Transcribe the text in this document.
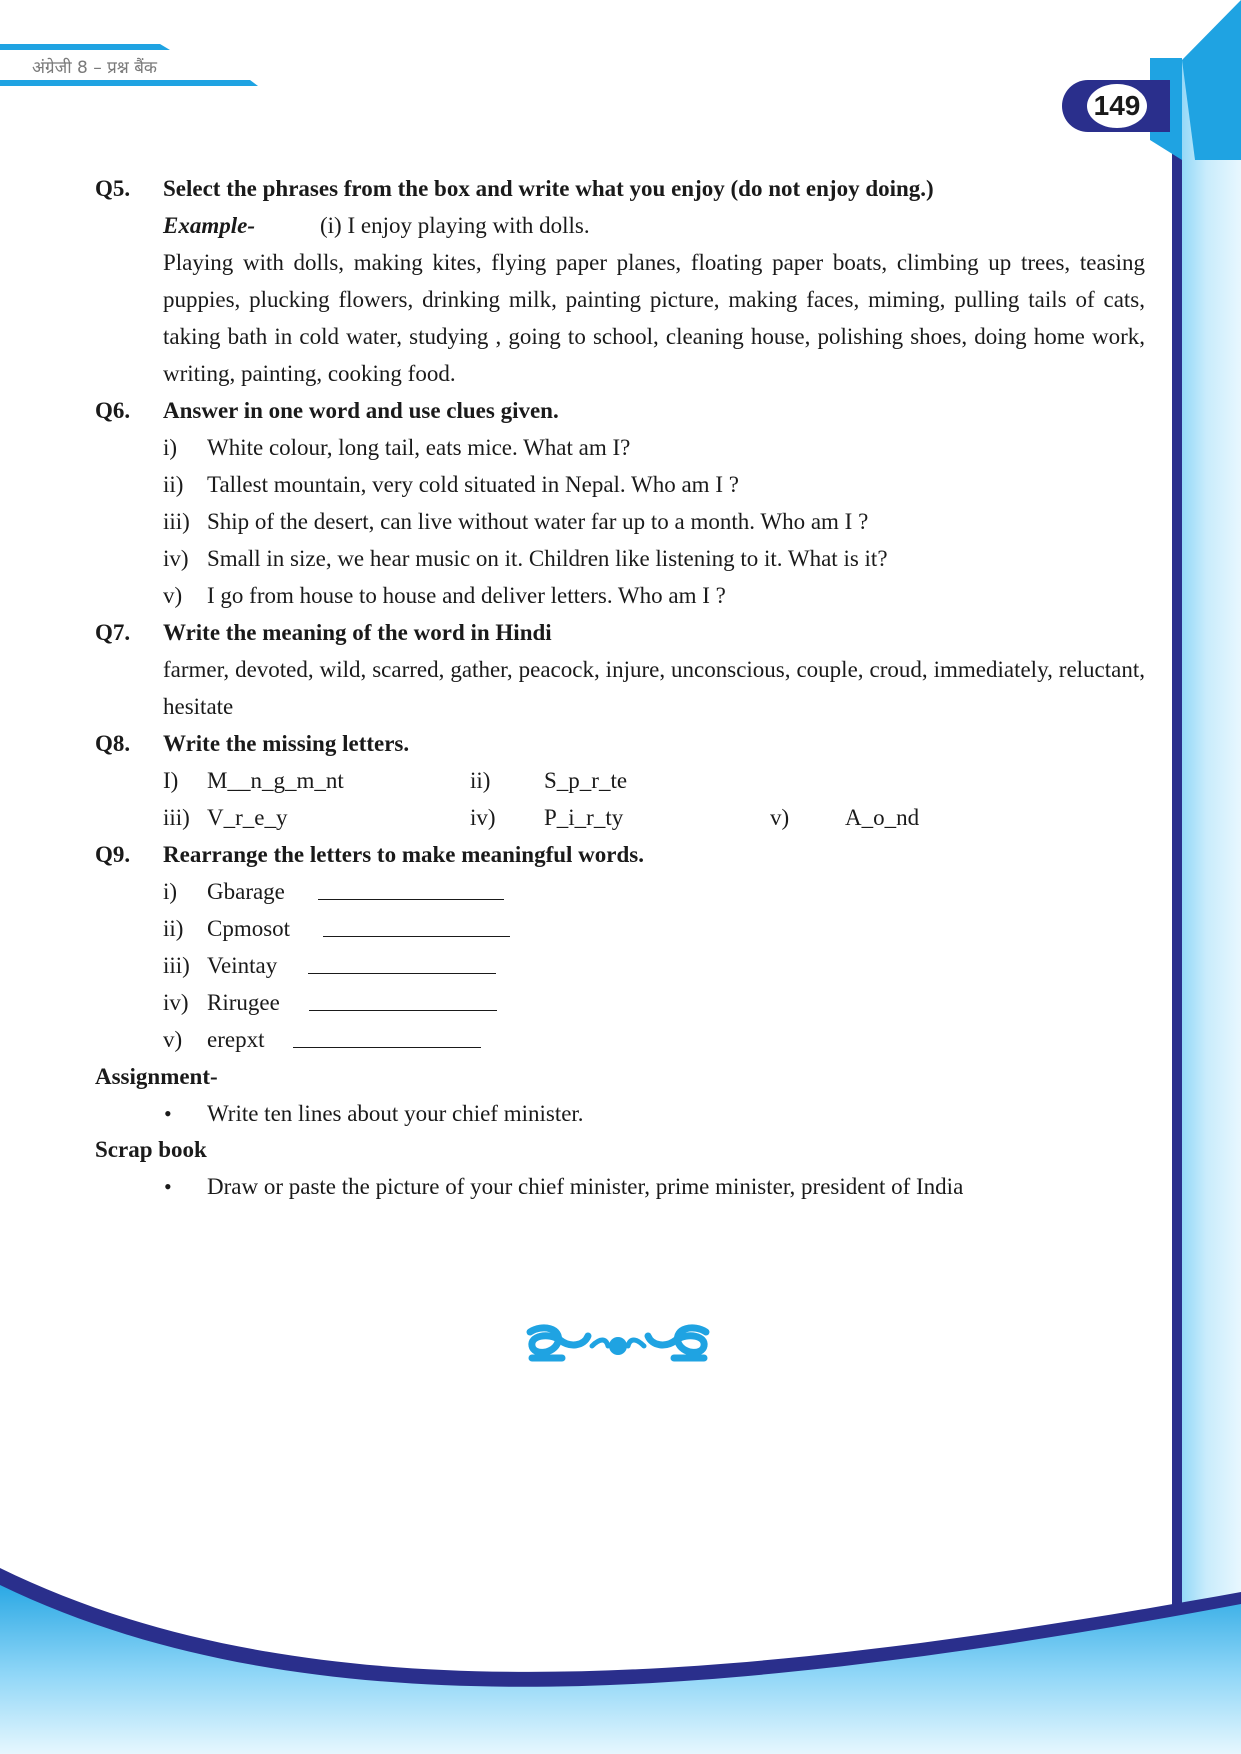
अंग्रेजी 8 – प्रश्न बैंक
149
Q5. Select the phrases from the box and write what you enjoy (do not enjoy doing.)
Example-	(i) I enjoy playing with dolls.
Playing with dolls, making kites, flying paper planes, floating paper boats, climbing up trees, teasing puppies, plucking flowers, drinking milk, painting picture, making faces, miming, pulling tails of cats, taking bath in cold water, studying , going to school, cleaning house, polishing shoes, doing home work, writing, painting, cooking food.
Q6. Answer in one word and use clues given.
i) White colour, long tail, eats mice. What am I?
ii) Tallest mountain, very cold situated in Nepal. Who am I ?
iii) Ship of the desert, can live without water far up to a month. Who am I ?
iv) Small in size, we hear music on it. Children like listening to it. What is it?
v) I go from house to house and deliver letters. Who am I ?
Q7. Write the meaning of the word in Hindi
farmer, devoted, wild, scarred, gather, peacock, injure, unconscious, couple, croud, immediately, reluctant, hesitate
Q8. Write the missing letters.
I) M__n_g_m_nt	ii) S_p_r_te
iii) V_r_e_y	iv) P_i_r_ty	v) A_o_nd
Q9. Rearrange the letters to make meaningful words.
i) Gbarage
ii) Cpmosot
iii) Veintay
iv) Rirugee
v) erepxt
Assignment-
• Write ten lines about your chief minister.
Scrap book
• Draw or paste the picture of your chief minister, prime minister, president of India
